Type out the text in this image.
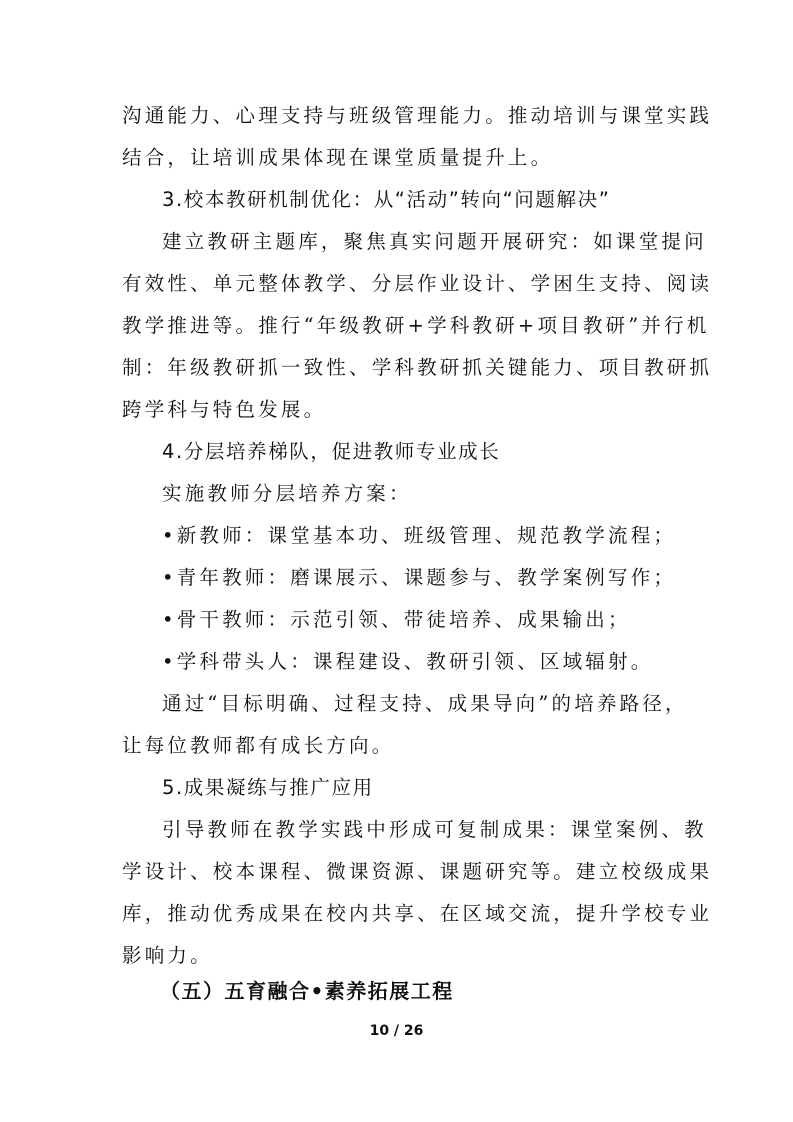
沟通能力、心理支持与班级管理能力。推动培训与课堂实践
结合，让培训成果体现在课堂质量提升上。
3.校本教研机制优化：从“活动”转向“问题解决”
建立教研主题库，聚焦真实问题开展研究：如课堂提问
有效性、单元整体教学、分层作业设计、学困生支持、阅读
教学推进等。推行“年级教研+学科教研+项目教研”并行机
制：年级教研抓一致性、学科教研抓关键能力、项目教研抓
跨学科与特色发展。
4.分层培养梯队，促进教师专业成长
实施教师分层培养方案：
•新教师：课堂基本功、班级管理、规范教学流程；
•青年教师：磨课展示、课题参与、教学案例写作；
•骨干教师：示范引领、带徒培养、成果输出；
•学科带头人：课程建设、教研引领、区域辐射。
通过“目标明确、过程支持、成果导向”的培养路径，
让每位教师都有成长方向。
5.成果凝练与推广应用
引导教师在教学实践中形成可复制成果：课堂案例、教
学设计、校本课程、微课资源、课题研究等。建立校级成果
库，推动优秀成果在校内共享、在区域交流，提升学校专业
影响力。
（五）五育融合•素养拓展工程
10 / 26
